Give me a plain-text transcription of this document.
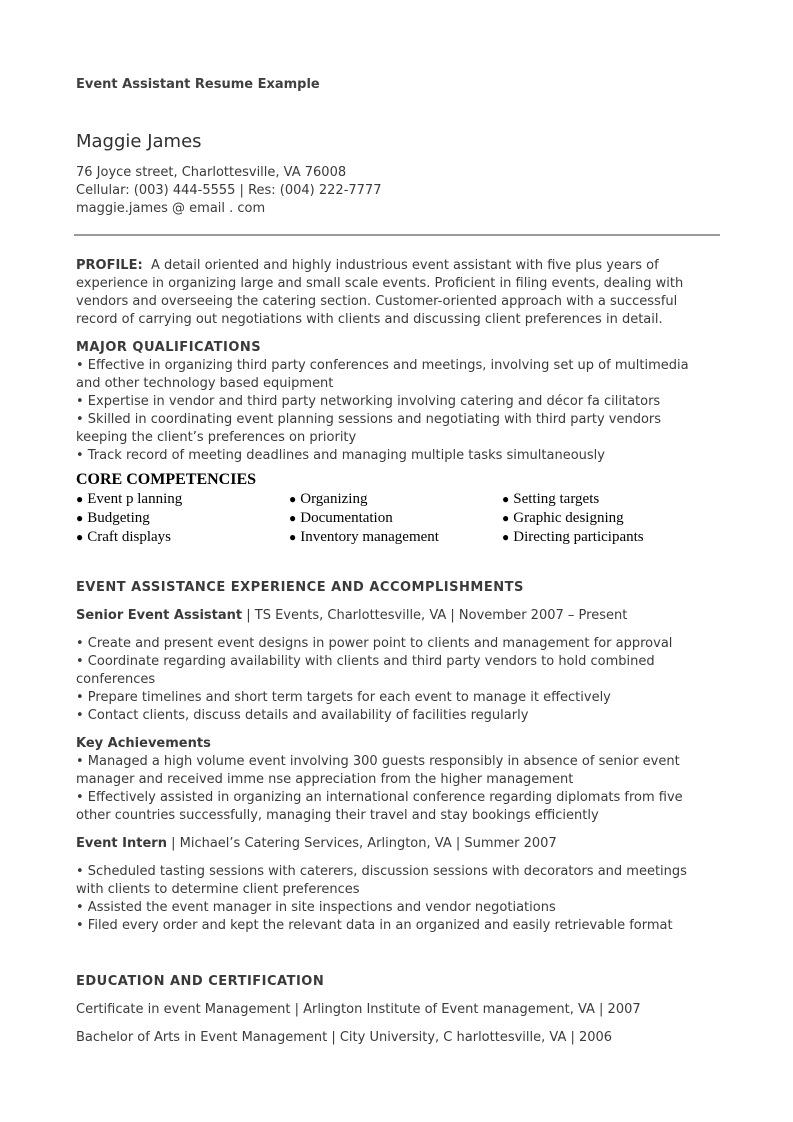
Event Assistant Resume Example
Maggie James
76 Joyce street, Charlottesville, VA 76008
Cellular: (003) 444-5555 | Res: (004) 222-7777
maggie.james @ email . com
PROFILE: A detail oriented and highly industrious event assistant with five plus years of
experience in organizing large and small scale events. Proficient in filing events, dealing with
vendors and overseeing the catering section. Customer-oriented approach with a successful
record of carrying out negotiations with clients and discussing client preferences in detail.
MAJOR QUALIFICATIONS
• Effective in organizing third party conferences and meetings, involving set up of multimedia
and other technology based equipment
• Expertise in vendor and third party networking involving catering and décor fa cilitators
• Skilled in coordinating event planning sessions and negotiating with third party vendors
keeping the client’s preferences on priority
• Track record of meeting deadlines and managing multiple tasks simultaneously
CORE COMPETENCIES
● Event p lanning
● Budgeting
● Craft displays
● Organizing
● Documentation
● Inventory management
● Setting targets
● Graphic designing
● Directing participants
EVENT ASSISTANCE EXPERIENCE AND ACCOMPLISHMENTS
Senior Event Assistant | TS Events, Charlottesville, VA | November 2007 – Present
• Create and present event designs in power point to clients and management for approval
• Coordinate regarding availability with clients and third party vendors to hold combined
conferences
• Prepare timelines and short term targets for each event to manage it effectively
• Contact clients, discuss details and availability of facilities regularly
Key Achievements
• Managed a high volume event involving 300 guests responsibly in absence of senior event
manager and received imme nse appreciation from the higher management
• Effectively assisted in organizing an international conference regarding diplomats from five
other countries successfully, managing their travel and stay bookings efficiently
Event Intern | Michael’s Catering Services, Arlington, VA | Summer 2007
• Scheduled tasting sessions with caterers, discussion sessions with decorators and meetings
with clients to determine client preferences
• Assisted the event manager in site inspections and vendor negotiations
• Filed every order and kept the relevant data in an organized and easily retrievable format
EDUCATION AND CERTIFICATION
Certificate in event Management | Arlington Institute of Event management, VA | 2007
Bachelor of Arts in Event Management | City University, C harlottesville, VA | 2006
